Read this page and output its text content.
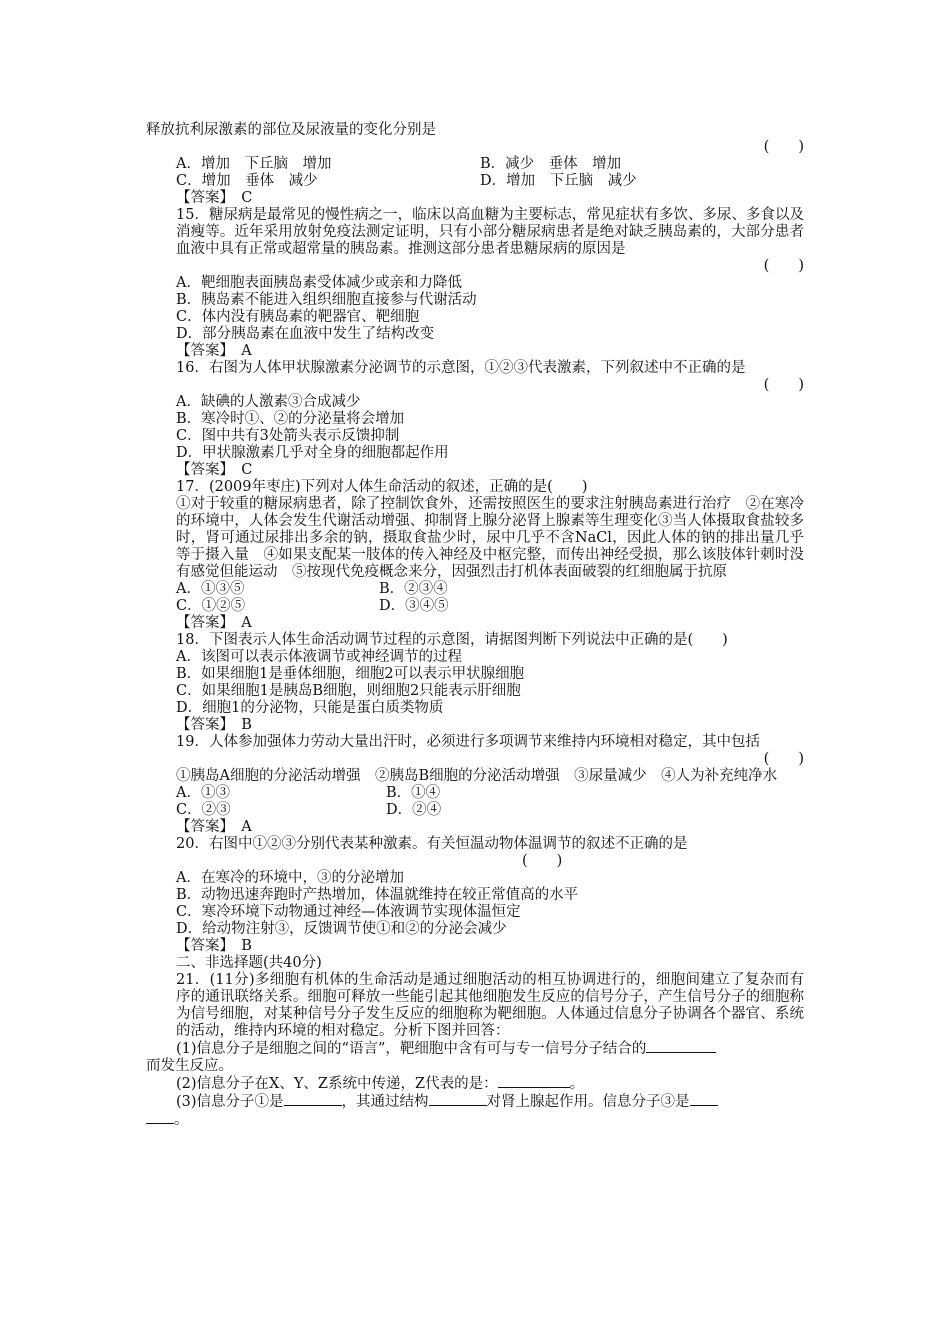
释放抗利尿激素的部位及尿液量的变化分别是
(　　)
A．增加　下丘脑　增加	B．减少　垂体　增加
C．增加　垂体　减少	D．增加　下丘脑　减少
【答案】　C
15．糖尿病是最常见的慢性病之一，临床以高血糖为主要标志，常见症状有多饮、多尿、多食以及消瘦等。近年采用放射免疫法测定证明，只有小部分糖尿病患者是绝对缺乏胰岛素的，大部分患者血液中具有正常或超常量的胰岛素。推测这部分患者患糖尿病的原因是
(　　)
A．靶细胞表面胰岛素受体减少或亲和力降低
B．胰岛素不能进入组织细胞直接参与代谢活动
C．体内没有胰岛素的靶器官、靶细胞
D．部分胰岛素在血液中发生了结构改变
【答案】　A
16．右图为人体甲状腺激素分泌调节的示意图，①②③代表激素，下列叙述中不正确的是
(　　)
A．缺碘的人激素③合成减少
B．寒冷时①、②的分泌量将会增加
C．图中共有3处箭头表示反馈抑制
D．甲状腺激素几乎对全身的细胞都起作用
【答案】　C
17．(2009年枣庄)下列对人体生命活动的叙述，正确的是(　　)
①对于较重的糖尿病患者，除了控制饮食外，还需按照医生的要求注射胰岛素进行治疗　②在寒冷的环境中，人体会发生代谢活动增强、抑制肾上腺分泌肾上腺素等生理变化③当人体摄取食盐较多时，肾可通过尿排出多余的钠，摄取食盐少时，尿中几乎不含NaCl，因此人体的钠的排出量几乎等于摄入量　④如果支配某一肢体的传入神经及中枢完整，而传出神经受损，那么该肢体针刺时没有感觉但能运动　⑤按现代免疫概念来分，因强烈击打机体表面破裂的红细胞属于抗原
A．①③⑤	B．②③④
C．①②⑤	D．③④⑤
【答案】　A
18．下图表示人体生命活动调节过程的示意图，请据图判断下列说法中正确的是(　　)
A．该图可以表示体液调节或神经调节的过程
B．如果细胞1是垂体细胞，细胞2可以表示甲状腺细胞
C．如果细胞1是胰岛B细胞，则细胞2只能表示肝细胞
D．细胞1的分泌物，只能是蛋白质类物质
【答案】　B
19．人体参加强体力劳动大量出汗时，必须进行多项调节来维持内环境相对稳定，其中包括
(　　)
①胰岛A细胞的分泌活动增强　②胰岛B细胞的分泌活动增强　③尿量减少　④人为补充纯净水
A．①③	B．①④
C．②③	D．②④
【答案】　A
20．右图中①②③分别代表某种激素。有关恒温动物体温调节的叙述不正确的是
(　　)
A．在寒冷的环境中，③的分泌增加
B．动物迅速奔跑时产热增加，体温就维持在较正常值高的水平
C．寒冷环境下动物通过神经—体液调节实现体温恒定
D．给动物注射③，反馈调节使①和②的分泌会减少
【答案】　B
二、非选择题(共40分)
21．(11分)多细胞有机体的生命活动是通过细胞活动的相互协调进行的，细胞间建立了复杂而有序的通讯联络关系。细胞可释放一些能引起其他细胞发生反应的信号分子，产生信号分子的细胞称为信号细胞，对某种信号分子发生反应的细胞称为靶细胞。人体通过信息分子协调各个器官、系统的活动，维持内环境的相对稳定。分析下图并回答：
(1)信息分子是细胞之间的“语言”，靶细胞中含有可与专一信号分子结合的
而发生反应。
(2)信息分子在X、Y、Z系统中传递，Z代表的是：	。
(3)信息分子①是	，其通过结构	对肾上腺起作用。信息分子③是
。
